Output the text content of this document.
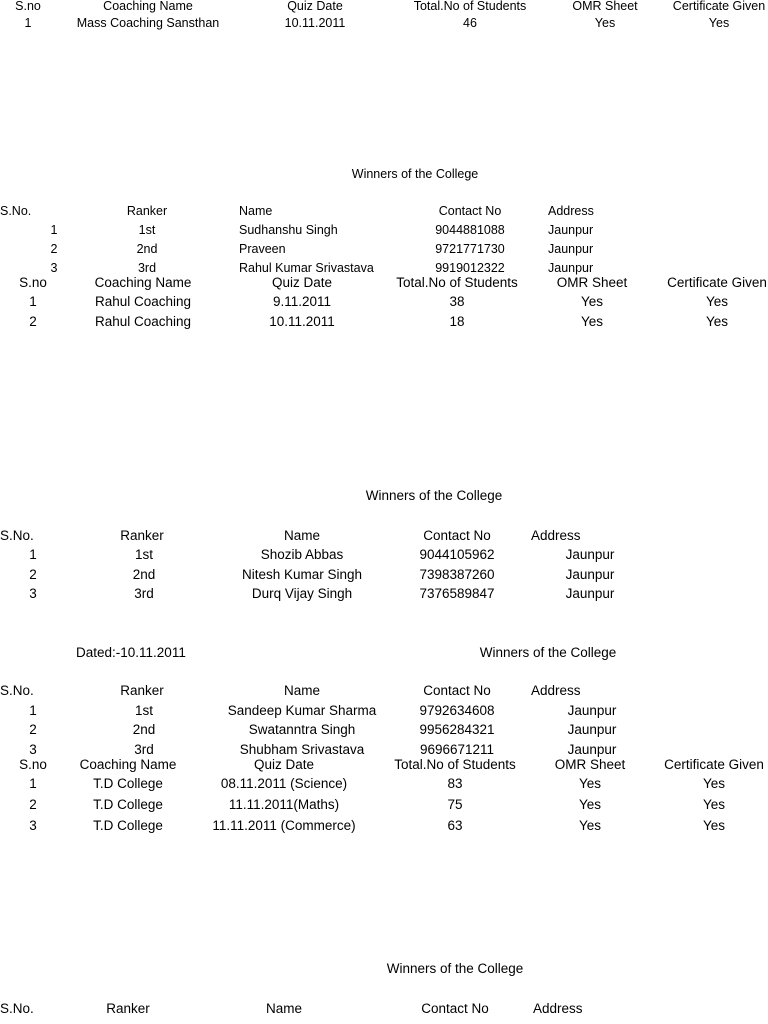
S.no	Coaching Name	Quiz Date	Total.No of Students	OMR Sheet	Certificate Given
1	Mass Coaching Sansthan	10.11.2011	46	Yes	Yes
Winners of the College
S.No.	Ranker	Name	Contact No	Address
1	1st	Sudhanshu Singh	9044881088	Jaunpur
2	2nd	Praveen	9721771730	Jaunpur
3	3rd	Rahul Kumar Srivastava	9919012322	Jaunpur
S.no	Coaching Name	Quiz Date	Total.No of Students	OMR Sheet	Certificate Given
1	Rahul Coaching	9.11.2011	38	Yes	Yes
2	Rahul Coaching	10.11.2011	18	Yes	Yes
Winners of the College
S.No.	Ranker	Name	Contact No	Address
1	1st	Shozib Abbas	9044105962	Jaunpur
2	2nd	Nitesh Kumar Singh	7398387260	Jaunpur
3	3rd	Durq Vijay Singh	7376589847	Jaunpur
Dated:-10.11.2011	Winners of the College
S.No.	Ranker	Name	Contact No	Address
1	1st	Sandeep Kumar Sharma	9792634608	Jaunpur
2	2nd	Swatanntra Singh	9956284321	Jaunpur
3	3rd	Shubham Srivastava	9696671211	Jaunpur
S.no Coaching Name	Quiz Date	Total.No of Students	OMR Sheet	Certificate Given
1	T.D College	08.11.2011 (Science)	83	Yes	Yes
2	T.D College	11.11.2011(Maths)	75	Yes	Yes
3	T.D College	11.11.2011 (Commerce)	63	Yes	Yes
Winners of the College
S.No.	Ranker	Name	Contact No	Address
